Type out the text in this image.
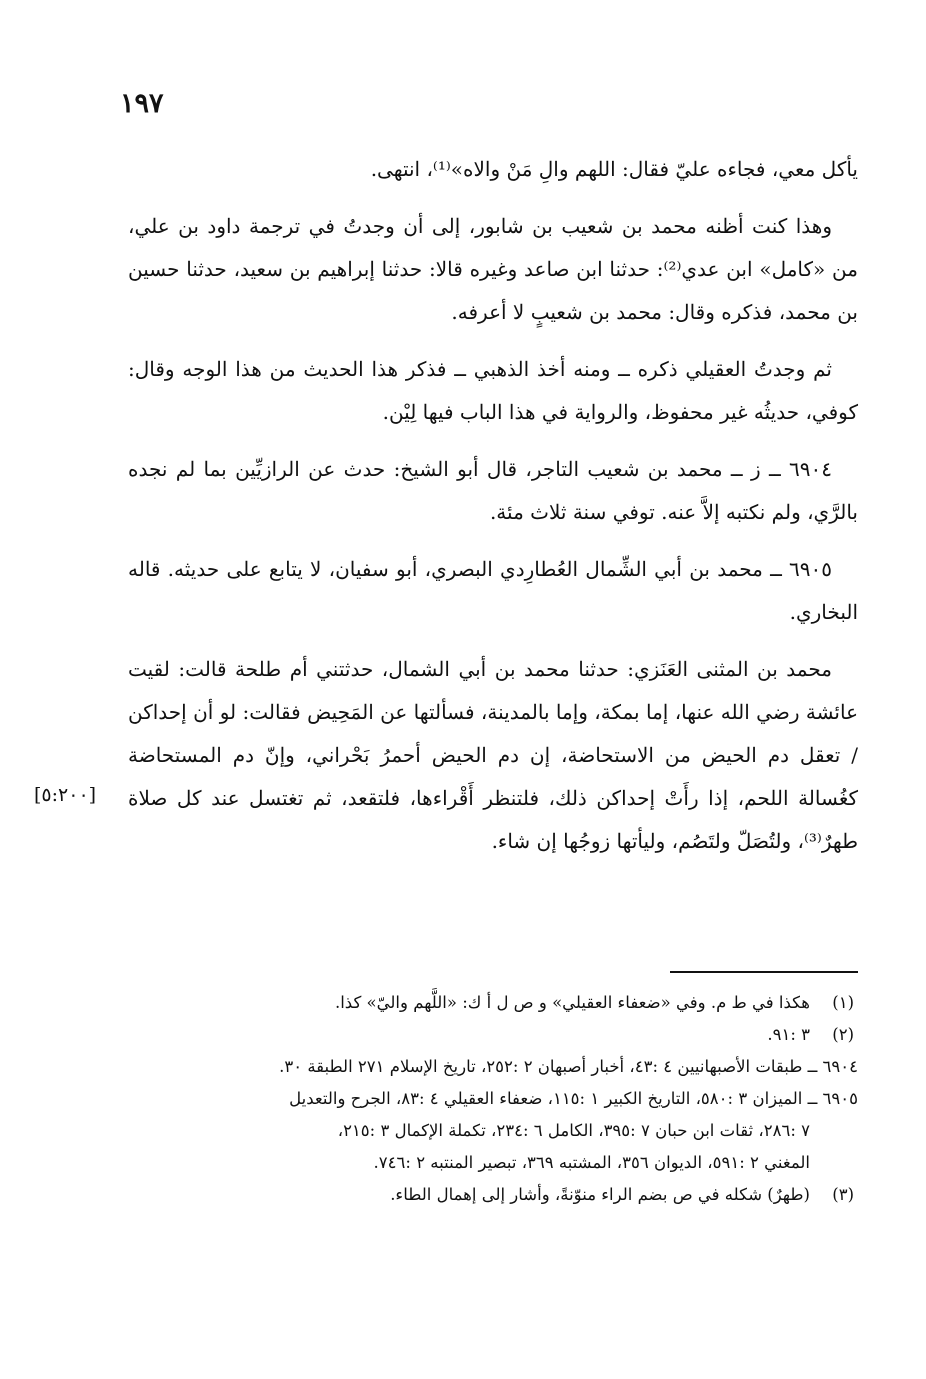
١٩٧

يأكل معي، فجاءه عليّ فقال: اللهم والِ مَنْ والاه»⁽¹⁾، انتهى.

وهذا كنت أظنه محمد بن شعيب بن شابور، إلى أن وجدتُ في ترجمة داود بن علي، من «كامل» ابن عدي⁽²⁾: حدثنا ابن صاعد وغيره قالا: حدثنا إبراهيم بن سعيد، حدثنا حسين بن محمد، فذكره وقال: محمد بن شعيبٍ لا أعرفه.

ثم وجدتُ العقيلي ذكره ــ ومنه أخذ الذهبي ــ فذكر هذا الحديث من هذا الوجه وقال: كوفي، حديثُه غير محفوظ، والرواية في هذا الباب فيها لِيْن.

٦٩٠٤ ــ ز ــ محمد بن شعيب التاجر، قال أبو الشيخ: حدث عن الرازيِّين بما لم نجده بالرَّي، ولم نكتبه إلاَّ عنه. توفي سنة ثلاث مئة.

٦٩٠٥ ــ محمد بن أبي الشِّمال العُطارِدي البصري، أبو سفيان، لا يتابع على حديثه. قاله البخاري.

محمد بن المثنى العَنَزي: حدثنا محمد بن أبي الشمال، حدثتني أم طلحة قالت: لقيت عائشة رضي الله عنها، إما بمكة، وإما بالمدينة، فسألتها عن المَحِيض فقالت: لو أن إحداكن / تعقل دم الحيض من الاستحاضة، إن دم الحيض أحمرُ بَحْراني، وإنّ دم المستحاضة كغُسالة اللحم، إذا رأَتْ إحداكن ذلك، فلتنظر أَقْراءها، فلتقعد، ثم تغتسل عند كل صلاة طهرٌ⁽³⁾، ولتُصَلّ ولتَصُم، وليأتها زوجُها إن شاء.

[٥:٢٠٠]

(١)هكذا في ط م. وفي «ضعفاء العقيلي» و ص ل أ ك: «اللَّهم واليّ» كذا.

(٢)٣ :٩١.

٦٩٠٤ ــ طبقات الأصبهانيين ٤ :٤٣، أخبار أصبهان ٢ :٢٥٢، تاريخ الإسلام ٢٧١ الطبقة ٣٠.

٦٩٠٥ ــ الميزان ٣ :٥٨٠، التاريخ الكبير ١ :١١٥، ضعفاء العقيلي ٤ :٨٣، الجرح والتعديل

٧ :٢٨٦، ثقات ابن حبان ٧ :٣٩٥، الكامل ٦ :٢٣٤، تكملة الإكمال ٣ :٢١٥،

المغني ٢ :٥٩١، الديوان ٣٥٦، المشتبه ٣٦٩، تبصير المنتبه ٢ :٧٤٦.

(٣)(طهرٌ) شكله في ص بضم الراء منوّنةً، وأشار إلى إهمال الطاء.
